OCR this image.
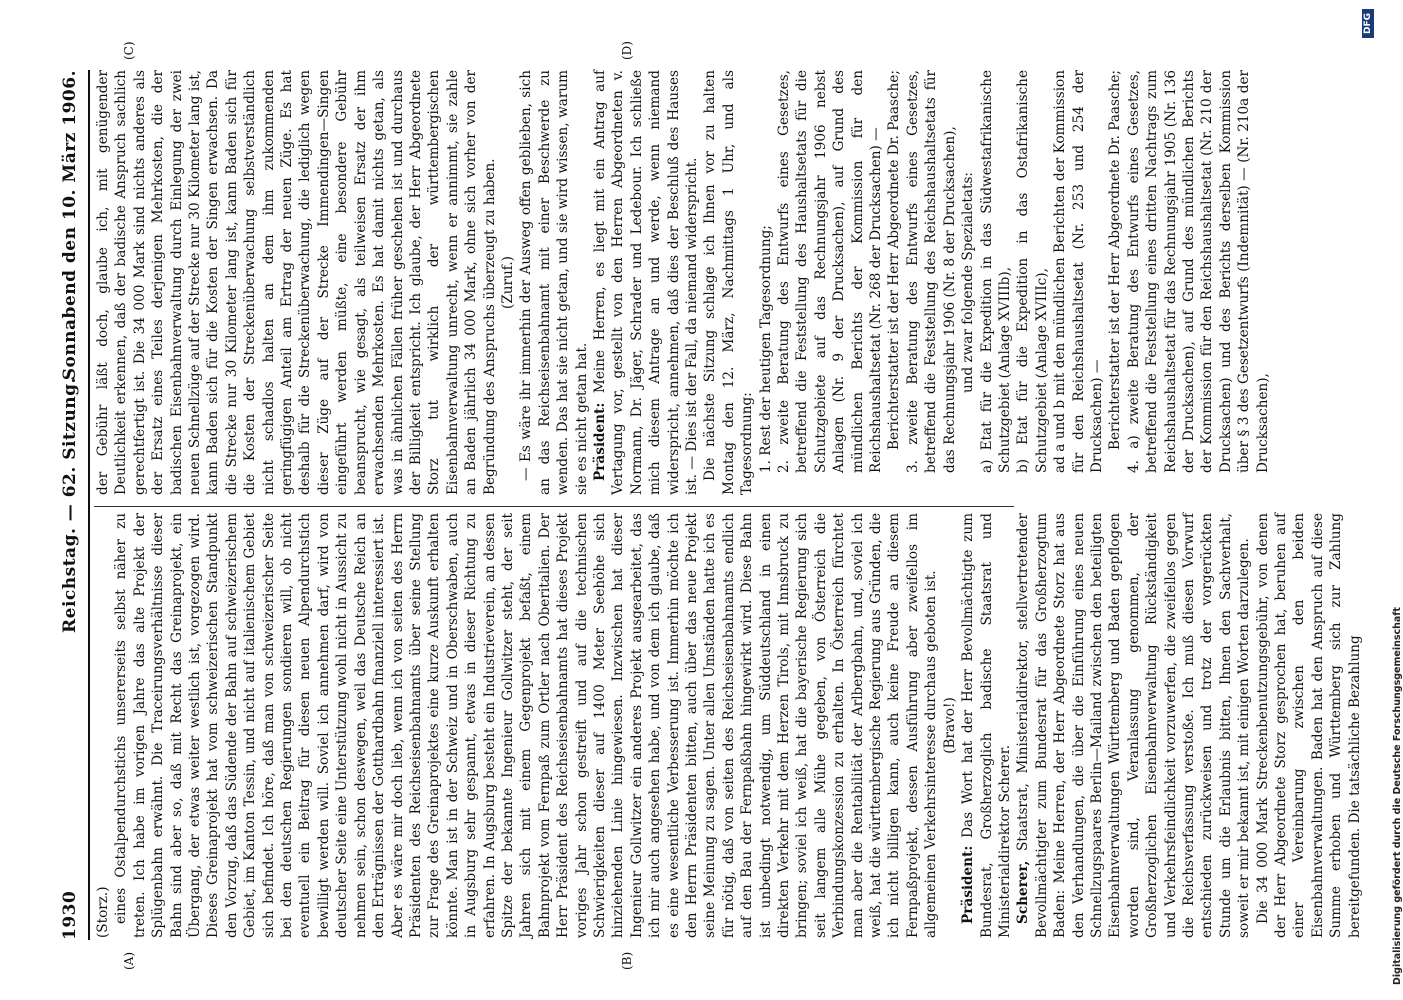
1930
Reichstag. — 62. Sitzung.
Sonnabend den 10. März 1906.
(A)	(B)
(C)	(D)

(Storz.) eines Ostalpendurchstichs unsererseits selbst näher zu treten. Ich habe im vorigen Jahre das alte Projekt der Splügenbahn erwähnt. Die Traceirungsverhältnisse dieser Bahn sind aber so, daß mit Recht das Greinaprojekt, ein Übergang, der etwas weiter westlich ist, vorgezogen wird. Dieses Greinaprojekt hat vom schweizerischen Standpunkt den Vorzug, daß das Südende der Bahn auf schweizerischem Gebiet, im Kanton Tessin, und nicht auf italienischem Gebiet sich befindet. Ich höre, daß man von schweizerischer Seite bei den deutschen Regierungen sondieren will, ob nicht eventuell ein Beitrag für diesen neuen Alpendurchstich bewilligt werden will. Soviel ich annehmen darf, wird von deutscher Seite eine Unterstützung wohl nicht in Aussicht zu nehmen sein, schon deswegen, weil das Deutsche Reich an den Erträgnissen der Gotthardbahn finanziell interessiert ist. Aber es wäre mir doch lieb, wenn ich von seiten des Herrn Präsidenten des Reichseisenbahnamts über seine Stellung zur Frage des Greinaprojektes eine kurze Auskunft erhalten könnte. Man ist in der Schweiz und in Oberschwaben, auch in Augsburg sehr gespannt, etwas in dieser Richtung zu erfahren. In Augsburg besteht ein Industrieverein, an dessen Spitze der bekannte Ingenieur Gollwitzer steht, der seit Jahren sich mit einem Gegenprojekt befaßt, einem Bahnprojekt vom Fernpaß zum Ortler nach Oberitalien. Der Herr Präsident des Reichseisenbahnamts hat dieses Projekt voriges Jahr schon gestreift und auf die technischen Schwierigkeiten dieser auf 1400 Meter Seehöhe sich hinziehenden Linie hingewiesen. Inzwischen hat dieser Ingenieur Gollwitzer ein anderes Projekt ausgearbeitet, das ich mir auch angesehen habe, und von dem ich glaube, daß es eine wesentliche Verbesserung ist. Immerhin möchte ich den Herrn Präsidenten bitten, auch über das neue Projekt seine Meinung zu sagen. Unter allen Umständen hatte ich es für nötig, daß von seiten des Reichseisenbahnamts endlich auf den Bau der Fernpaßbahn hingewirkt wird. Diese Bahn ist unbedingt notwendig, um Süddeutschland in einen direkten Verkehr mit dem Herzen Tirols, mit Innsbruck zu bringen; soviel ich weiß, hat die bayerische Regierung sich seit langem alle Mühe gegeben, von Österreich die Verbindungskonzession zu erhalten. In Österreich fürchtet man aber die Rentabilität der Arlbergbahn, und, soviel ich weiß, hat die württembergische Regierung aus Gründen, die ich nicht billigen kann, auch keine Freude an diesem Fernpaßprojekt, dessen Ausführung aber zweifellos im allgemeinen Verkehrsinteresse durchaus geboten ist. (Bravo!)

Präsident: Das Wort hat der Herr Bevollmächtigte zum Bundesrat, Großherzoglich badische Staatsrat und Ministerialdirektor Scherer. Scherer, Staatsrat, Ministerialdirektor, stellvertretender Bevollmächtigter zum Bundesrat für das Großherzogtum Baden: Meine Herren, der Herr Abgeordnete Storz hat aus den Verhandlungen, die über die Einführung eines neuen Schnellzugspaares Berlin—Mailand zwischen den beteiligten Eisenbahnverwaltungen Württemberg und Baden gepflogen worden sind, Veranlassung genommen, der Großherzoglichen Eisenbahnverwaltung Rückständigkeit und Verkehrsfeindlichkeit vorzuwerfen, die zweifellos gegen die Reichsverfassung verstoße. Ich muß diesen Vorwurf entschieden zurückweisen und trotz der vorgerückten Stunde um die Erlaubnis bitten, Ihnen den Sachverhalt, soweit er mir bekannt ist, mit einigen Worten darzulegen. Die 34 000 Mark Streckenbenutzungsgebühr, von denen der Herr Abgeordnete Storz gesprochen hat, beruhen auf einer Vereinbarung zwischen den beiden Eisenbahnverwaltungen. Baden hat den Anspruch auf diese Summe erhoben und Württemberg sich zur Zahlung bereitgefunden. Die tatsächliche Bezahlung

der Gebühr läßt doch, glaube ich, mit genügender Deutlichkeit erkennen, daß der badische Anspruch sachlich gerechtfertigt ist. Die 34 000 Mark sind nichts anderes als der Ersatz eines Teiles derjenigen Mehrkosten, die der badischen Eisenbahnverwaltung durch Einlegung der zwei neuen Schnellzüge auf der Strecke nur 30 Kilometer lang ist, kann Baden sich für die Kosten der Singen erwachsen. Da die Strecke nur 30 Kilometer lang ist, kann Baden sich für die Kosten der Streckenüberwachung selbstverständlich nicht schadlos halten an dem ihm zukommenden geringfügigen Anteil am Ertrag der neuen Züge. Es hat deshalb für die Streckenüberwachung, die lediglich wegen dieser Züge auf der Strecke Immendingen—Singen eingeführt werden müßte, eine besondere Gebühr beansprucht, wie gesagt, als teilweisen Ersatz der ihm erwachsenden Mehrkosten. Es hat damit nichts getan, als was in ähnlichen Fällen früher geschehen ist und durchaus der Billigkeit entspricht. Ich glaube, der Herr Abgeordnete Storz tut wirklich der württembergischen Eisenbahnverwaltung unrecht, wenn er annimmt, sie zahle an Baden jährlich 34 000 Mark, ohne sich vorher von der Begründung des Anspruchs überzeugt zu haben. (Zuruf.) — Es wäre ihr immerhin der Ausweg offen geblieben, sich an das Reichseisenbahnamt mit einer Beschwerde zu wenden. Das hat sie nicht getan, und sie wird wissen, warum sie es nicht getan hat. Präsident: Meine Herren, es liegt mit ein Antrag auf Vertagung vor, gestellt von den Herren Abgeordneten v. Normann, Dr. Jäger, Schrader und Ledebour. Ich schließe mich diesem Antrage an und werde, wenn niemand widerspricht, annehmen, daß dies der Beschluß des Hauses ist. — Dies ist der Fall, da niemand widerspricht. Die nächste Sitzung schlage ich Ihnen vor zu halten Montag den 12. März, Nachmittags 1 Uhr, und als Tagesordnung: 1. Rest der heutigen Tagesordnung; 2. zweite Beratung des Entwurfs eines Gesetzes, betreffend die Feststellung des Haushaltsetats für die Schutzgebiete auf das Rechnungsjahr 1906 nebst Anlagen (Nr. 9 der Drucksachen), auf Grund des mündlichen Berichts der Kommission für den Reichshaushaltsetat (Nr. 268 der Drucksachen) — Berichterstatter ist der Herr Abgeordnete Dr. Paasche; 3. zweite Beratung des Entwurfs eines Gesetzes, betreffend die Feststellung des Reichshaushaltsetats für das Rechnungsjahr 1906 (Nr. 8 der Drucksachen), und zwar folgende Spezialetats: a) Etat für die Expedition in das Südwestafrikanische Schutzgebiet (Anlage XVIIIb), b) Etat für die Expedition in das Ostafrikanische Schutzgebiet (Anlage XVIIIc), ad a und b mit den mündlichen Berichten der Kommission für den Reichshaushaltsetat (Nr. 253 und 254 der Drucksachen) — Berichterstatter ist der Herr Abgeordnete Dr. Paasche; 4. a) zweite Beratung des Entwurfs eines Gesetzes, betreffend die Feststellung eines dritten Nachtrags zum Reichshaushaltsetat für das Rechnungsjahr 1905 (Nr. 136 der Drucksachen), auf Grund des mündlichen Berichts der Kommission für den Reichshaushaltsetat (Nr. 210 der Drucksachen) und des Berichts derselben Kommission über § 3 des Gesetzentwurfs (Indemnität) — (Nr. 210a der Drucksachen),

Digitalisierung gefördert durch die Deutsche Forschungsgemeinschaft
DFG
